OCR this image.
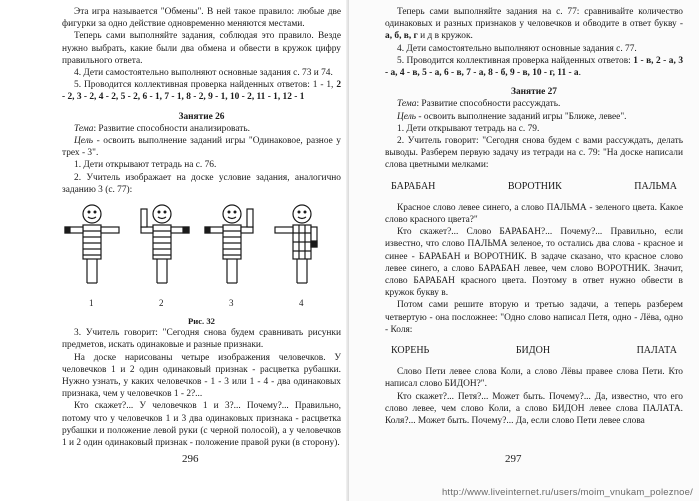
Эта игра называется "Обмены". В ней такое правило: любые две фигурки за одно действие одновременно меняются местами.

Теперь сами выполняйте задания, соблюдая это правило. Везде нужно выбрать, какие были два обмена и обвести в кружок цифру правильного ответа.

4. Дети самостоятельно выполняют основные задания с. 73 и 74.

5. Проводится коллективная проверка найденных ответов: 1 - 1, 2 - 2, 3 - 2, 4 - 2, 5 - 2, 6 - 1, 7 - 1, 8 - 2, 9 - 1, 10 - 2, 11 - 1, 12 - 1

Занятие 26

Тема: Развитие способности анализировать.

Цель - освоить выполнение заданий игры "Одинаковое, разное у трех - 3".

1. Дети открывают тетрадь на с. 76.

2. Учитель изображает на доске условие задания, аналогично заданию 3 (с. 77):

1	2	3	4

Рис. 32

3. Учитель говорит: "Сегодня снова будем сравнивать рисунки предметов, искать одинаковые и разные признаки.

На доске нарисованы четыре изображения человечков. У человечков 1 и 2 один одинаковый признак - расцветка рубашки. Нужно узнать, у каких человечков - 1 - 3 или 1 - 4 - два одинаковых признака, чем у человечков 1 - 2?...

Кто скажет?... У человечков 1 и 3?... Почему?... Правильно, потому что у человечков 1 и 3 два одинаковых признака - расцветка рубашки и положение левой руки (с черной полосой), а у человечков 1 и 2 один одинаковый признак - положение правой руки (в сторону).

296

Теперь сами выполняйте задания на с. 77: сравнивайте количество одинаковых и разных признаков у человечков и обводите в ответ букву - а, б, в, г и д в кружок.

4. Дети самостоятельно выполняют основные задания с. 77.

5. Проводится коллективная проверка найденных ответов: 1 - в, 2 - а, 3 - а, 4 - в, 5 - а, 6 - в, 7 - а, 8 - б, 9 - в, 10 - г, 11 - а.

Занятие 27

Тема: Развитие способности рассуждать.

Цель - освоить выполнение заданий игры "Ближе, левее".

1. Дети открывают тетрадь на с. 79.

2. Учитель говорит: "Сегодня снова будем с вами рассуждать, делать выводы. Разберем первую задачу из тетради на с. 79: "На доске написали слова цветными мелками:

БАРАБАН	ВОРОТНИК	ПАЛЬМА

Красное слово левее синего, а слово ПАЛЬМА - зеленого цвета. Какое слово красного цвета?"

Кто скажет?... Слово БАРАБАН?... Почему?... Правильно, если известно, что слово ПАЛЬМА зеленое, то остались два слова - красное и синее - БАРАБАН и ВОРОТНИК. В задаче сказано, что красное слово левее синего, а слово БАРАБАН левее, чем слово ВОРОТНИК. Значит, слово БАРАБАН красного цвета. Поэтому в ответ нужно обвести в кружок букву в.

Потом сами решите вторую и третью задачи, а теперь разберем четвертую - она посложнее: "Одно слово написал Петя, одно - Лёва, одно - Коля:

КОРЕНЬ	БИДОН	ПАЛАТА

Слово Пети левее слова Коли, а слово Лёвы правее слова Пети. Кто написал слово БИДОН?".

Кто скажет?... Петя?... Может быть. Почему?... Да, известно, что его слово левее, чем слово Коли, а слово БИДОН левее слова ПАЛАТА. Коля?... Может быть. Почему?... Да, если слово Пети левее слова

297
http://www.liveinternet.ru/users/moim_vnukam_poleznoe/
